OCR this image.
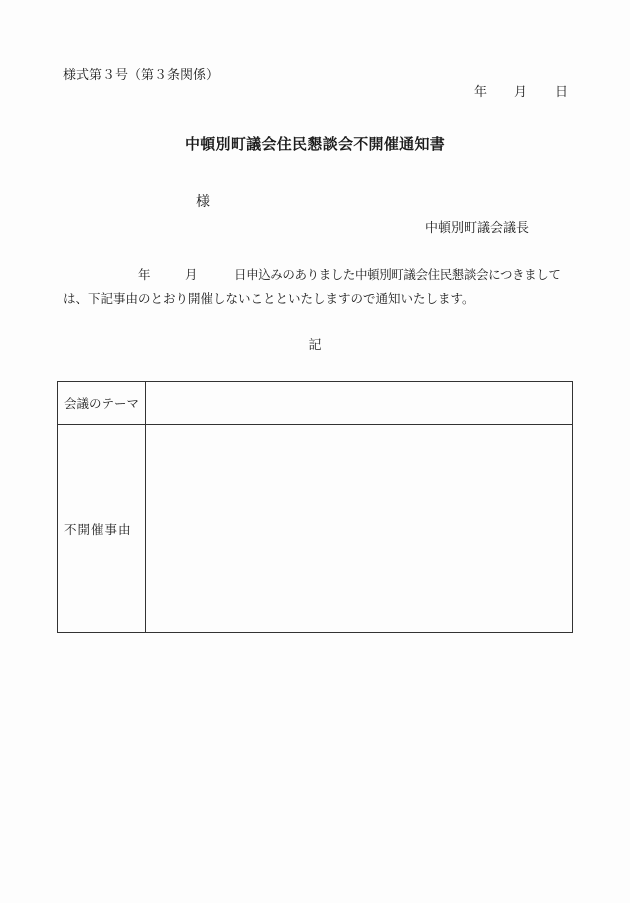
様式第３号（第３条関係）
年 月 日
中頓別町議会住民懇談会不開催通知書
様
中頓別町議会議長
年	月	日申込みのありました中頓別町議会住民懇談会につきまして
は、下記事由のとおり開催しないことといたしますので通知いたします。
記
会議のテーマ	
不開催事由	
